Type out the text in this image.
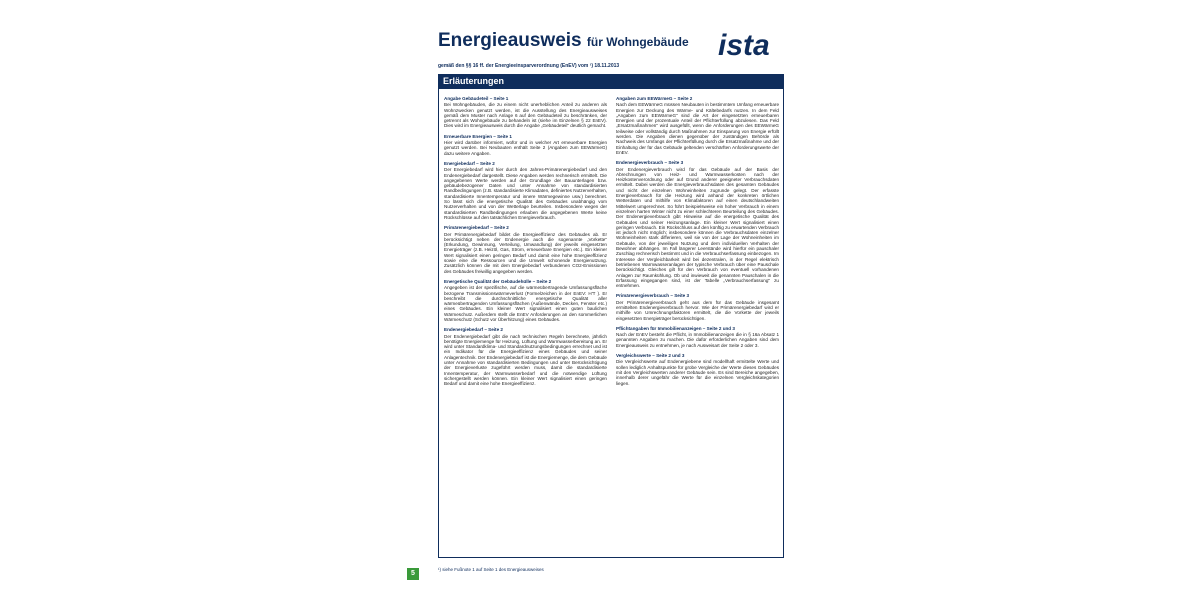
Energieausweis für Wohngebäude
gemäß den §§ 16 ff. der Energieeinsparverordnung (EnEV) vom ¹) 18.11.2013
ista
Erläuterungen
Angabe Gebäudeteil – Seite 1
Bei Wohngebäuden, die zu einem nicht unerheblichen Anteil zu anderen als Wohnzwecken genutzt werden, ist die Ausstellung des Energieausweises gemäß dem Muster nach Anlage 6 auf den Gebäudeteil zu beschränken, der getrennt als Wohngebäude zu behandeln ist (siehe im Einzelnen § 22 EnEV). Dies wird im Energieausweis durch die Angabe „Gebäudeteil" deutlich gemacht.
Erneuerbare Energien – Seite 1
Hier wird darüber informiert, wofür und in welcher Art erneuerbare Energien genutzt werden. Bei Neubauten enthält Seite 2 (Angaben zum EEWärmeG) dazu weitere Angaben.
Energiebedarf – Seite 2
Der Energiebedarf wird hier durch den Jahres-Primärenergiebedarf und den Endenergiebedarf dargestellt. Diese Angaben werden rechnerisch ermittelt. Die angegebenen Werte werden auf der Grundlage der Bauunterlagen bzw. gebäudebezogener Daten und unter Annahme von standardisierten Randbedingungen (z.B. standardisierte Klimadaten, definiertes Nutzerverhalten, standardisierte Innentemperatur und innere Wärmegewinne usw.) berechnet. So lässt sich die energetische Qualität des Gebäudes unabhängig vom Nutzerverhalten und von der Wetterlage beurteilen. Insbesondere wegen der standardisierten Randbedingungen erlauben die angegebenen Werte keine Rückschlüsse auf den tatsächlichen Energieverbrauch.
Primärenergiebedarf – Seite 2
Der Primärenergiebedarf bildet die Energieeffizienz des Gebäudes ab. Er berücksichtigt neben der Endenergie auch die sogenannte „Vorkette" (Erkundung, Gewinnung, Verteilung, Umwandlung) der jeweils eingesetzten Energieträger (z.B. Heizöl, Gas, Strom, erneuerbare Energien etc.). Ein kleiner Wert signalisiert einen geringen Bedarf und damit eine hohe Energieeffizienz sowie eine die Ressourcen und die Umwelt schonende Energienutzung. Zusätzlich können die mit dem Energiebedarf verbundenen CO2-Emissionen des Gebäudes freiwillig angegeben werden.
Energetische Qualität der Gebäudehülle – Seite 2
Angegeben ist der spezifische, auf die wärmeübertragende Umfassungsfläche bezogene Transmissionswärmeverlust (Formelzeichen in der EnEV: H'T ). Er beschreibt die durchschnittliche energetische Qualität aller wärmeübertragenden Umfassungsflächen (Außenwände, Decken, Fenster etc.) eines Gebäudes. Ein kleiner Wert signalisiert einen guten baulichen Wärmeschutz. Außerdem stellt die EnEV Anforderungen an den sommerlichen Wärmeschutz (Schutz vor Überhitzung) eines Gebäudes.
Endenergiebedarf – Seite 2
Der Endenergiebedarf gibt die nach technischen Regeln berechnete, jährlich benötigte Energiemenge für Heizung, Lüftung und Warmwasserbereitung an. Er wird unter Standardklima- und Standardnutzungsbedingungen errechnet und ist ein Indikator für die Energieeffizienz eines Gebäudes und seiner Anlagentechnik. Der Endenergiebedarf ist die Energiemenge, die dem Gebäude unter Annahme von standardisierten Bedingungen und unter Berücksichtigung der Energieverluste zugeführt werden muss, damit die standardisierte Innentemperatur, der Warmwasserbedarf und die notwendige Lüftung sichergestellt werden können. Ein kleiner Wert signalisiert einen geringen Bedarf und damit eine hohe Energieeffizienz.
Angaben zum EEWärmeG – Seite 2
Nach dem EEWärmeG müssen Neubauten in bestimmtem Umfang erneuerbare Energien zur Deckung des Wärme- und Kältebedarfs nutzen. In dem Feld „Angaben zum EEWärmeG" sind die Art der eingesetzten erneuerbaren Energien und der prozentuale Anteil der Pflichterfüllung abzulesen. Das Feld „Ersatzmaßnahmen" wird ausgefüllt, wenn die Anforderungen des EEWärmeG teilweise oder vollständig durch Maßnahmen zur Einsparung von Energie erfüllt werden. Die Angaben dienen gegenüber der zuständigen Behörde als Nachweis des Umfangs der Pflichterfüllung durch die Ersatzmaßnahme und der Einhaltung der für das Gebäude geltenden verschärften Anforderungswerte der EnEV.
Endenergieverbrauch – Seite 3
Der Endenergieverbrauch wird für das Gebäude auf der Basis der Abrechnungen von Heiz- und Warmwasserkosten nach der Heizkostenverordnung oder auf Grund anderer geeigneter Verbrauchsdaten ermittelt. Dabei werden die Energieverbrauchsdaten des gesamten Gebäudes und nicht der einzelnen Wohneinheiten zugrunde gelegt. Der erfasste Energieverbrauch für die Heizung wird anhand der konkreten örtlichen Wetterdaten und mithilfe von Klimafaktoren auf einen deutschlandweiten Mittelwert umgerechnet. So führt beispielsweise ein hoher Verbrauch in einem einzelnen harten Winter nicht zu einer schlechteren Beurteilung des Gebäudes. Der Endenergieverbrauch gibt Hinweise auf die energetische Qualität des Gebäudes und seiner Heizungsanlage. Ein kleiner Wert signalisiert einen geringen Verbrauch. Ein Rückschluss auf den künftig zu erwartenden Verbrauch ist jedoch nicht möglich; insbesondere können die Verbrauchsdaten einzelner Wohneinheiten stark differieren, weil sie von der Lage der Wohneinheiten im Gebäude, von der jeweiligen Nutzung und dem individuellen Verhalten der Bewohner abhängen. Im Fall längerer Leerstände wird hierfür ein pauschaler Zuschlag rechnerisch bestimmt und in die Verbrauchserfassung einbezogen. Im Interesse der Vergleichbarkeit wird bei dezentralen, in der Regel elektrisch betriebenen Warmwasseranlagen der typische Verbrauch über eine Pauschale berücksichtigt. Gleiches gilt für den Verbrauch von eventuell vorhandenen Anlagen zur Raumkühlung. Ob und inwieweit die genannten Pauschalen in die Erfassung eingegangen sind, ist der Tabelle „Verbrauchserfassung" zu entnehmen.
Primärenergieverbrauch – Seite 3
Der Primärenergieverbrauch geht aus dem für das Gebäude insgesamt ermittelten Endenergieverbrauch hervor. Wie der Primärenergiebedarf wird er mithilfe von Umrechnungsfaktoren ermittelt, die die Vorkette der jeweils eingesetzten Energieträger berücksichtigen.
Pflichtangaben für Immobilienanzeigen – Seite 2 und 3
Nach der EnEV besteht die Pflicht, in Immobilienanzeigen die in § 16a Absatz 1 genannten Angaben zu machen. Die dafür erforderlichen Angaben sind dem Energieausweis zu entnehmen, je nach Ausweisart der Seite 2 oder 3.
Vergleichswerte – Seite 2 und 3
Die Vergleichswerte auf Endenergiebene sind modellhaft ermittelte Werte und sollen lediglich Anhaltspunkte für grobe Vergleiche der Werte dieses Gebäudes mit den Vergleichswerten anderer Gebäude sein. Es sind Bereiche angegeben, innerhalb derer ungefähr die Werte für die einzelnen Vergleichskategorien liegen.
¹) siehe Fußnote 1 auf Seite 1 des Energieausweises
5
